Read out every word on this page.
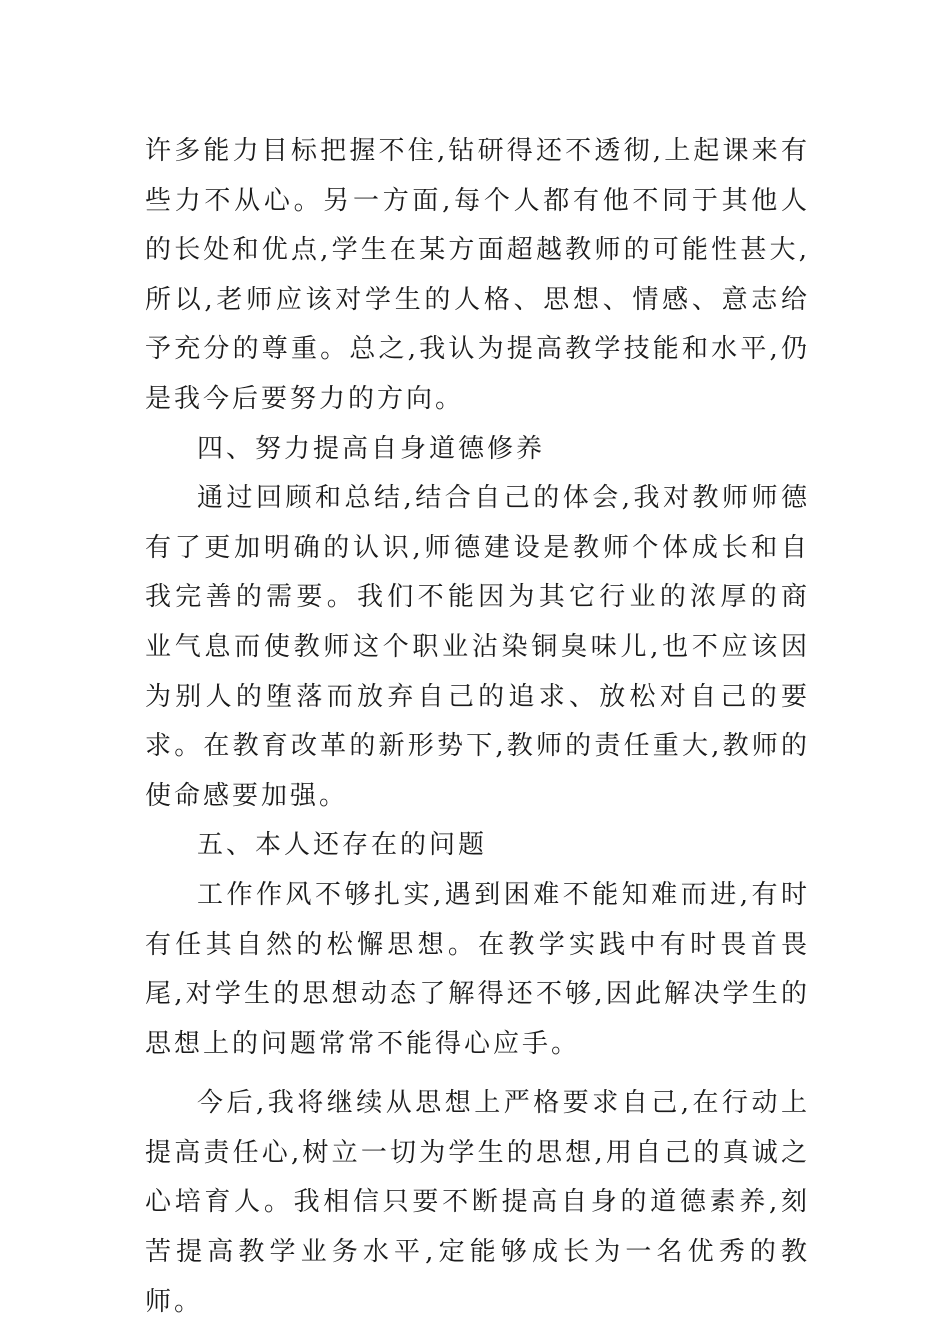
许多能力目标把握不住,钻研得还不透彻,上起课来有些力不从心。另一方面,每个人都有他不同于其他人的长处和优点,学生在某方面超越教师的可能性甚大,所以,老师应该对学生的人格、思想、情感、意志给予充分的尊重。总之,我认为提高教学技能和水平,仍是我今后要努力的方向。

四、努力提高自身道德修养

通过回顾和总结,结合自己的体会,我对教师师德有了更加明确的认识,师德建设是教师个体成长和自我完善的需要。我们不能因为其它行业的浓厚的商业气息而使教师这个职业沾染铜臭味儿,也不应该因为别人的堕落而放弃自己的追求、放松对自己的要求。在教育改革的新形势下,教师的责任重大,教师的使命感要加强。

五、本人还存在的问题

工作作风不够扎实,遇到困难不能知难而进,有时有任其自然的松懈思想。在教学实践中有时畏首畏尾,对学生的思想动态了解得还不够,因此解决学生的思想上的问题常常不能得心应手。

今后,我将继续从思想上严格要求自己,在行动上提高责任心,树立一切为学生的思想,用自己的真诚之心培育人。我相信只要不断提高自身的道德素养,刻苦提高教学业务水平,定能够成长为一名优秀的教师。
